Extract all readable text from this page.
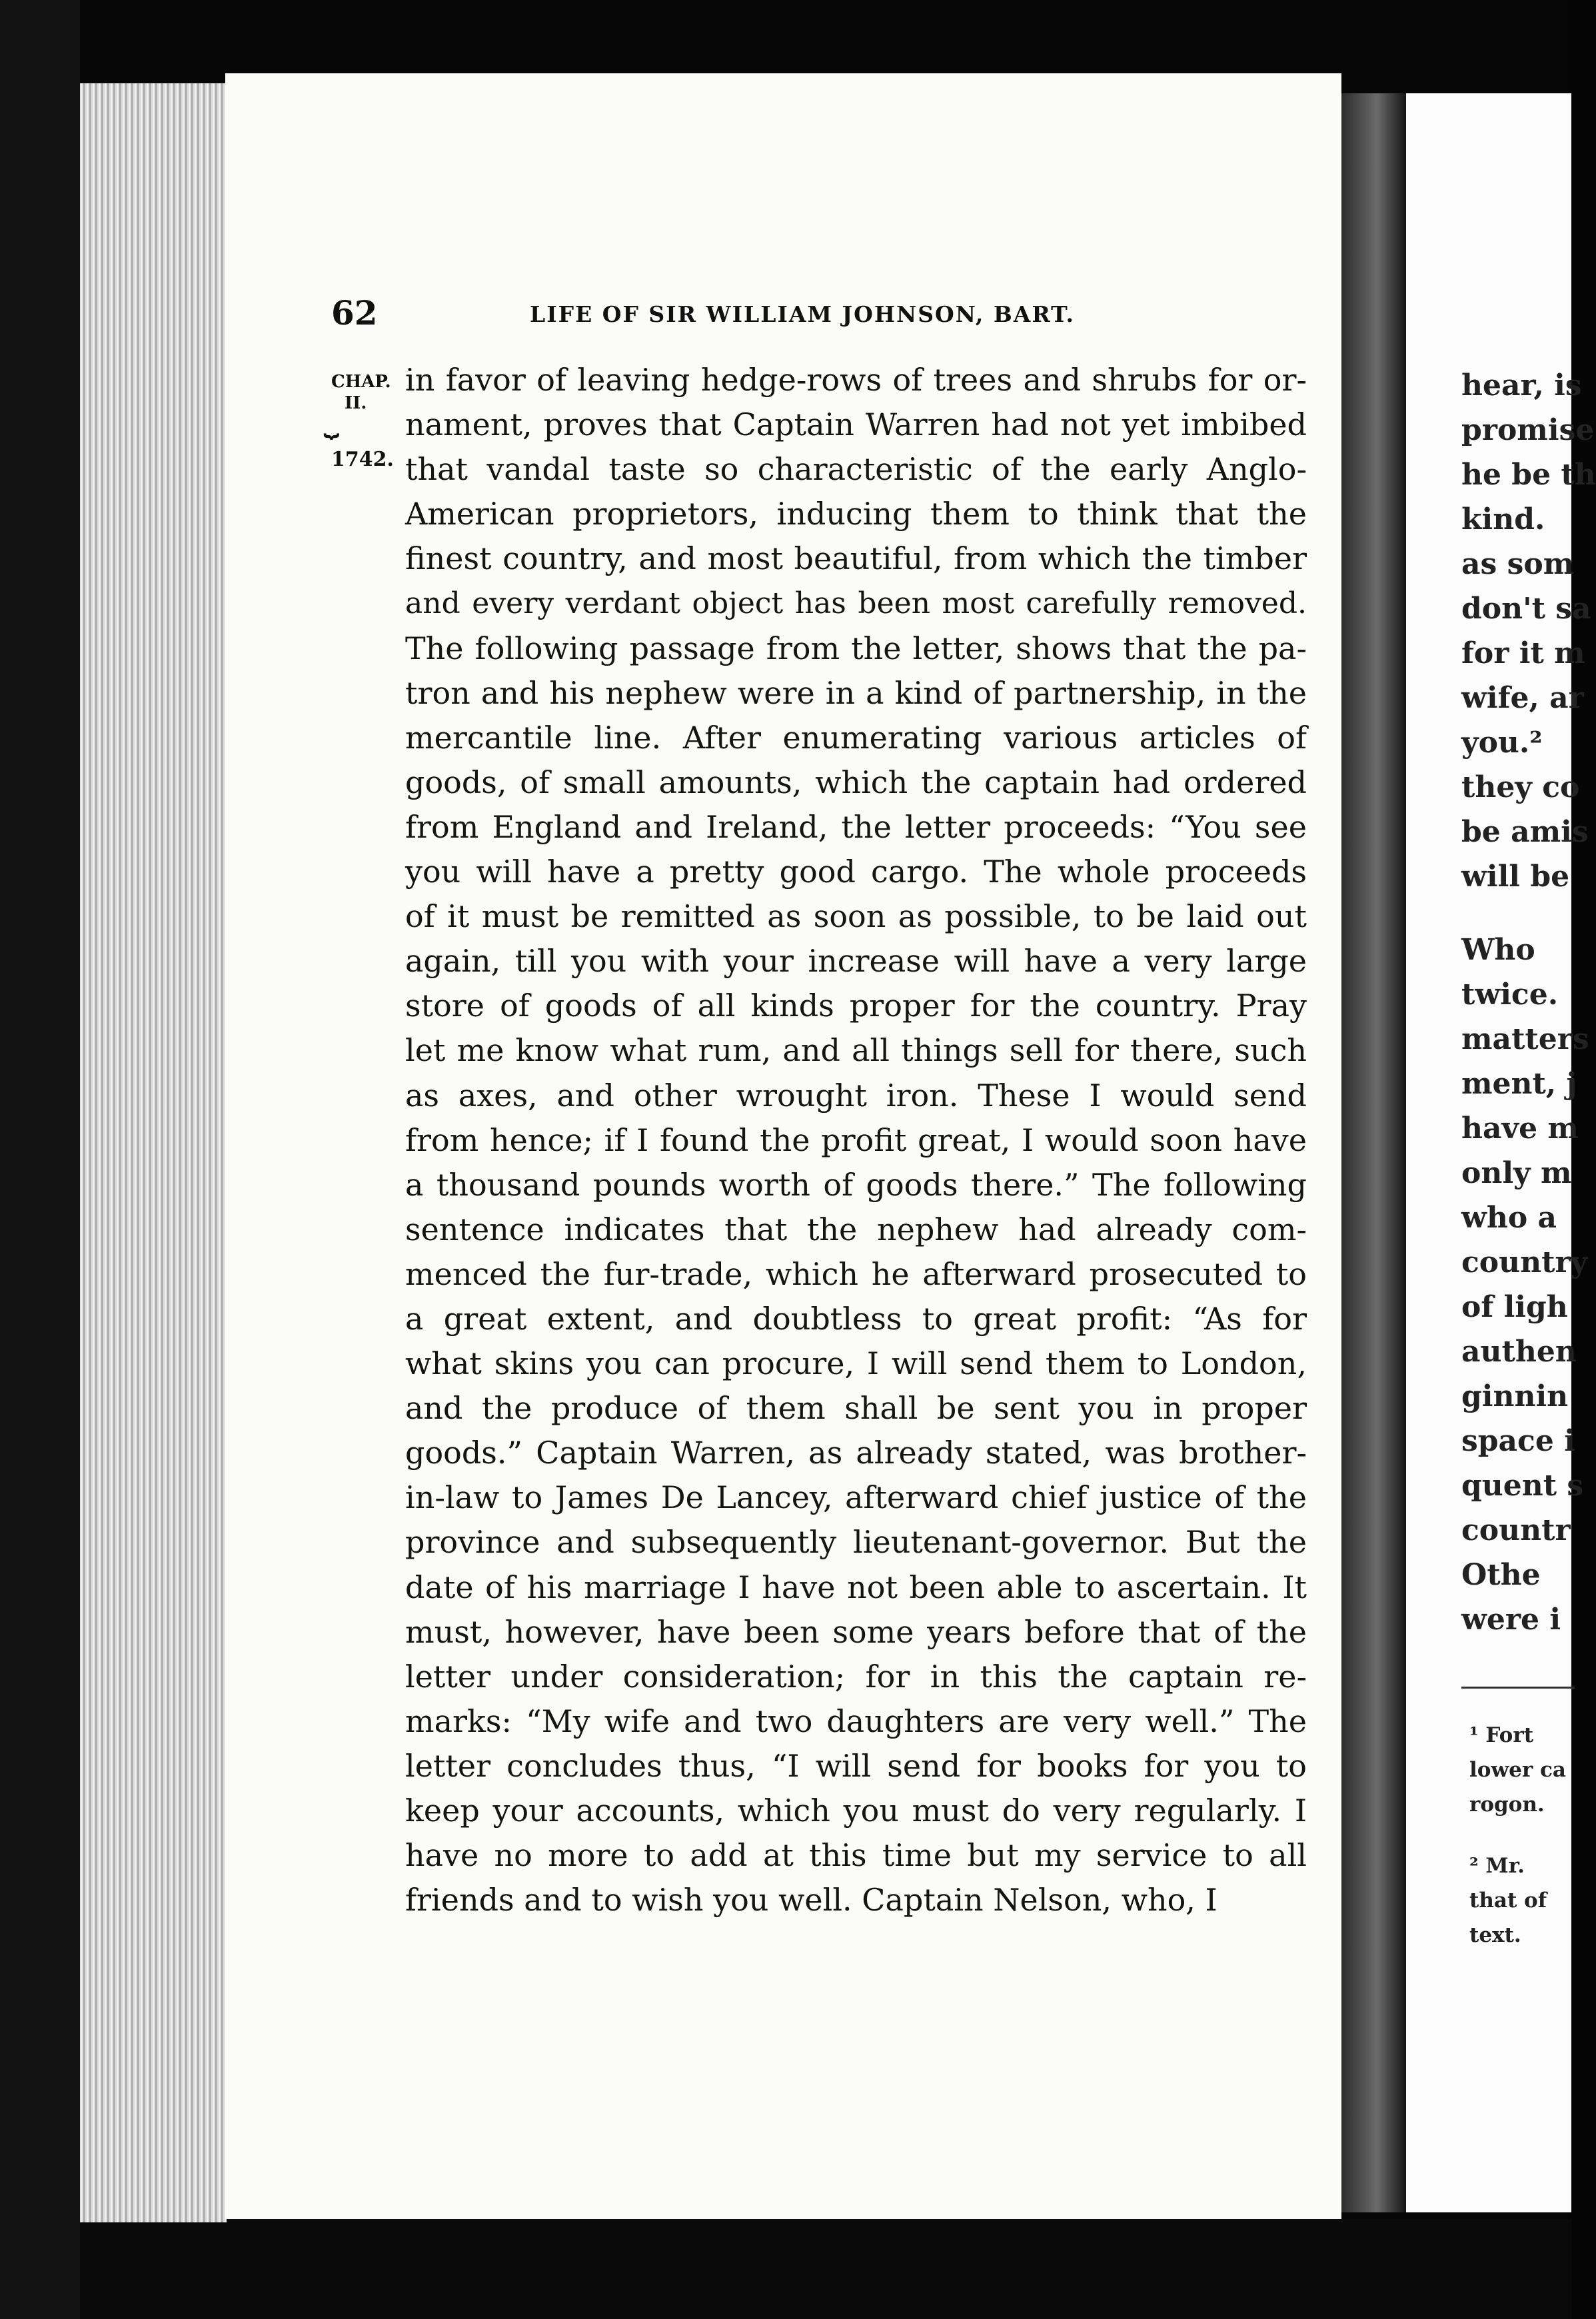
62	LIFE OF SIR WILLIAM JOHNSON, BART.
CHAP.
II.
⏟
1742.
in favor of leaving hedge-rows of trees and shrubs for or-
nament, proves that Captain Warren had not yet imbibed
that vandal taste so characteristic of the early Anglo-
American proprietors, inducing them to think that the
finest country, and most beautiful, from which the timber
and every verdant object has been most carefully removed.
The following passage from the letter, shows that the pa-
tron and his nephew were in a kind of partnership, in the
mercantile line. After enumerating various articles of
goods, of small amounts, which the captain had ordered
from England and Ireland, the letter proceeds: “You see
you will have a pretty good cargo. The whole proceeds
of it must be remitted as soon as possible, to be laid out
again, till you with your increase will have a very large
store of goods of all kinds proper for the country. Pray
let me know what rum, and all things sell for there, such
as axes, and other wrought iron. These I would send
from hence; if I found the profit great, I would soon have
a thousand pounds worth of goods there.” The following
sentence indicates that the nephew had already com-
menced the fur-trade, which he afterward prosecuted to
a great extent, and doubtless to great profit: “As for
what skins you can procure, I will send them to London,
and the produce of them shall be sent you in proper
goods.” Captain Warren, as already stated, was brother-
in-law to James De Lancey, afterward chief justice of the
province and subsequently lieutenant-governor. But the
date of his marriage I have not been able to ascertain. It
must, however, have been some years before that of the
letter under consideration; for in this the captain re-
marks: “My wife and two daughters are very well.” The
letter concludes thus, “I will send for books for you to
keep your accounts, which you must do very regularly. I
have no more to add at this time but my service to all
friends and to wish you well. Captain Nelson, who, I
hear, is
promise
he be th
kind.
as som
don't sa
for it m
wife, ar
you.²
they co
be amis
will be
Who
twice.
matters
ment, j
have m
only m
who a
country
of ligh
authen
ginnin
space i
quent s
countr
Othe
were i
¹ Fort
lower ca
rogon.
² Mr.
that of
text.
